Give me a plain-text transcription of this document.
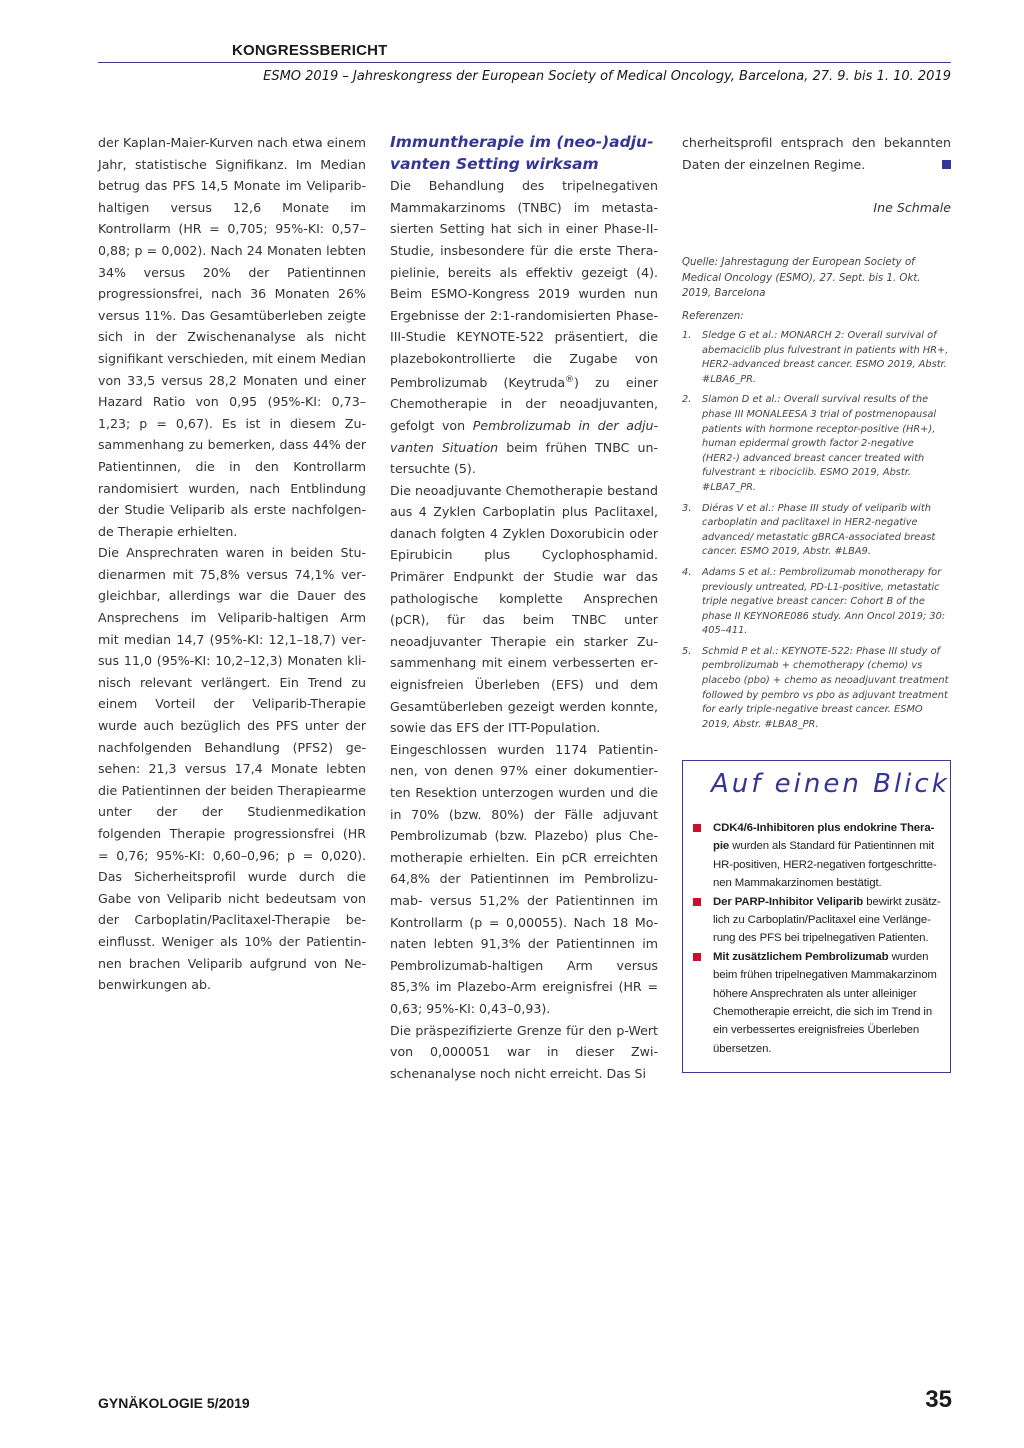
KONGRESSBERICHT
ESMO 2019 – Jahreskongress der European Society of Medical Oncology, Barcelona, 27. 9. bis 1. 10. 2019

der Kaplan-Maier-Kurven nach etwa einem Jahr, statistische Signifikanz. Im Median betrug das PFS 14,5 Monate im Veliparib-haltigen versus 12,6 Monate im Kontrollarm (HR = 0,705; 95%-KI: 0,57–0,88; p = 0,002). Nach 24 Monaten lebten 34% versus 20% der Patientinnen progressionsfrei, nach 36 Monaten 26% versus 11%. Das Gesamtüberleben zeigte sich in der Zwischenanalyse als nicht signifikant verschieden, mit einem Median von 33,5 versus 28,2 Monaten und einer Hazard Ratio von 0,95 (95%-KI: 0,73–1,23; p = 0,67). Es ist in diesem Zusammenhang zu bemerken, dass 44% der Patientinnen, die in den Kontrollarm randomisiert wurden, nach Entblindung der Studie Veliparib als erste nachfolgende Therapie erhielten.

Die Ansprechraten waren in beiden Studienarmen mit 75,8% versus 74,1% vergleichbar, allerdings war die Dauer des Ansprechens im Veliparib-haltigen Arm mit median 14,7 (95%-KI: 12,1–18,7) versus 11,0 (95%-KI: 10,2–12,3) Monaten klinisch relevant verlängert. Ein Trend zu einem Vorteil der Veliparib-Therapie wurde auch bezüglich des PFS unter der nachfolgenden Behandlung (PFS2) gesehen: 21,3 versus 17,4 Monate lebten die Patientinnen der beiden Therapiearme unter der der Studienmedikation folgenden Therapie progressionsfrei (HR = 0,76; 95%-KI: 0,60–0,96; p = 0,020). Das Sicherheitsprofil wurde durch die Gabe von Veliparib nicht bedeutsam von der Carboplatin/Paclitaxel-Therapie beeinflusst. Weniger als 10% der Patientinnen brachen Veliparib aufgrund von Nebenwirkungen ab.

Immuntherapie im (neo-)adjuvanten Setting wirksam

Die Behandlung des tripelnegativen Mammakarzinoms (TNBC) im metastasierten Setting hat sich in einer Phase-II-Studie, insbesondere für die erste Therapielinie, bereits als effektiv gezeigt (4). Beim ESMO-Kongress 2019 wurden nun Ergebnisse der 2:1-randomisierten Phase-III-Studie KEYNOTE-522 präsentiert, die plazebokontrollierte die Zugabe von Pembrolizumab (Keytruda®) zu einer Chemotherapie in der neoadjuvanten, gefolgt von Pembrolizumab in der adjuvanten Situation beim frühen TNBC untersuchte (5).

Die neoadjuvante Chemotherapie bestand aus 4 Zyklen Carboplatin plus Paclitaxel, danach folgten 4 Zyklen Doxorubicin oder Epirubicin plus Cyclophosphamid. Primärer Endpunkt der Studie war das pathologische komplette Ansprechen (pCR), für das beim TNBC unter neoadjuvanter Therapie ein starker Zusammenhang mit einem verbesserten ereignisfreien Überleben (EFS) und dem Gesamtüberleben gezeigt werden konnte, sowie das EFS der ITT-Population.

Eingeschlossen wurden 1174 Patientinnen, von denen 97% einer dokumentierten Resektion unterzogen wurden und die in 70% (bzw. 80%) der Fälle adjuvant Pembrolizumab (bzw. Plazebo) plus Chemotherapie erhielten. Ein pCR erreichten 64,8% der Patientinnen im Pembrolizumab- versus 51,2% der Patientinnen im Kontrollarm (p = 0,00055). Nach 18 Monaten lebten 91,3% der Patientinnen im Pembrolizumab-haltigen Arm versus 85,3% im Plazebo-Arm ereignisfrei (HR = 0,63; 95%-KI: 0,43–0,93).

Die präspezifizierte Grenze für den p-Wert von 0,000051 war in dieser Zwischenanalyse noch nicht erreicht. Das Si

cherheitsprofil entsprach den bekannten Daten der einzelnen Regime.

Ine Schmale
Quelle: Jahrestagung der European Society of Medical Oncology (ESMO), 27. Sept. bis 1. Okt. 2019, Barcelona
Referenzen:
1. Sledge G et al.: MONARCH 2: Overall survival of abemaciclib plus fulvestrant in patients with HR+, HER2-advanced breast cancer. ESMO 2019, Abstr. #LBA6_PR.
2. Slamon D et al.: Overall survival results of the phase III MONALEESA 3 trial of postmenopausal patients with hormone receptor-positive (HR+), human epidermal growth factor 2-negative (HER2-) advanced breast cancer treated with fulvestrant ± ribociclib. ESMO 2019, Abstr. #LBA7_PR.
3. Diéras V et al.: Phase III study of veliparib with carboplatin and paclitaxel in HER2-negative advanced/ metastatic gBRCA-associated breast cancer. ESMO 2019, Abstr. #LBA9.
4. Adams S et al.: Pembrolizumab monotherapy for previously untreated, PD-L1-positive, metastatic triple negative breast cancer: Cohort B of the phase II KEYNORE086 study. Ann Oncol 2019; 30: 405–411.
5. Schmid P et al.: KEYNOTE-522: Phase III study of pembrolizumab + chemotherapy (chemo) vs placebo (pbo) + chemo as neoadjuvant treatment followed by pembro vs pbo as adjuvant treatment for early triple-negative breast cancer. ESMO 2019, Abstr. #LBA8_PR.
Auf einen Blick
CDK4/6-Inhibitoren plus endokrine Therapie wurden als Standard für Patientinnen mit HR-positiven, HER2-negativen fortgeschrittenen Mammakarzinomen bestätigt.
Der PARP-Inhibitor Veliparib bewirkt zusätzlich zu Carboplatin/Paclitaxel eine Verlängerung des PFS bei tripelnegativen Patienten.
Mit zusätzlichem Pembrolizumab wurden beim frühen tripelnegativen Mammakarzinom höhere Ansprechraten als unter alleiniger Chemotherapie erreicht, die sich im Trend in ein verbessertes ereignisfreies Überleben übersetzen.
GYNÄKOLOGIE 5/2019	35
